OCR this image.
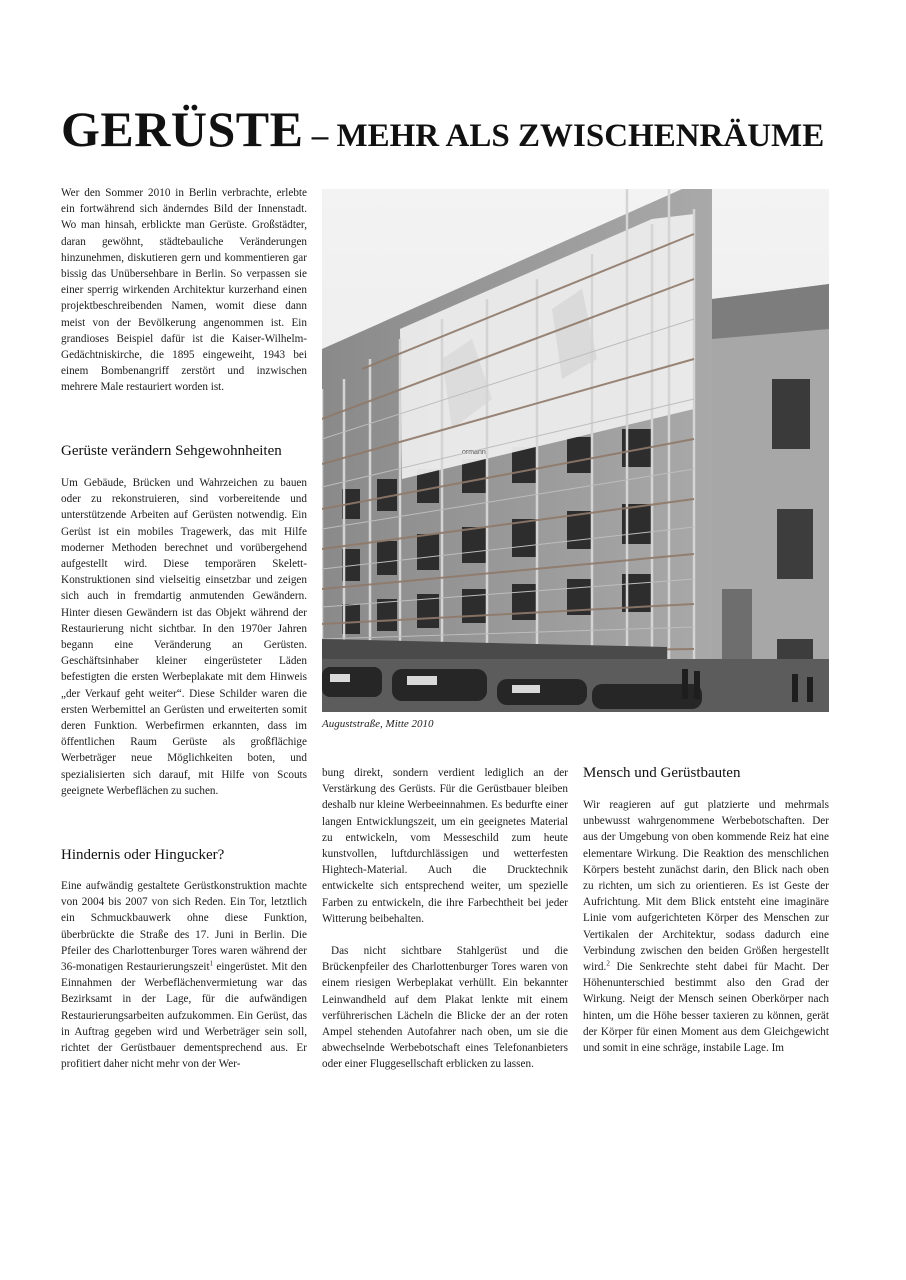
GERÜSTE – MEHR ALS ZWISCHENRÄUME

Wer den Sommer 2010 in Berlin verbrachte, erlebte ein fortwährend sich änderndes Bild der Innenstadt. Wo man hinsah, erblickte man Gerüste. Großstädter, daran gewöhnt, städtebauliche Veränderungen hinzunehmen, diskutieren gern und kommentieren gar bissig das Unübersehbare in Berlin. So verpassen sie einer sperrig wirkenden Architektur kurzerhand einen projektbeschreibenden Namen, womit diese dann meist von der Bevölkerung angenommen ist. Ein grandioses Beispiel dafür ist die Kaiser-Wilhelm-Gedächtniskirche, die 1895 eingeweiht, 1943 bei einem Bombenangriff zerstört und inzwischen mehrere Male restauriert worden ist.

Gerüste verändern Sehgewohnheiten

Um Gebäude, Brücken und Wahrzeichen zu bauen oder zu rekonstruieren, sind vorbereitende und unterstützende Arbeiten auf Gerüsten notwendig. Ein Gerüst ist ein mobiles Tragewerk, das mit Hilfe moderner Methoden berechnet und vorübergehend aufgestellt wird. Diese temporären Skelett-Konstruktionen sind vielseitig einsetzbar und zeigen sich auch in fremdartig anmutenden Gewändern. Hinter diesen Gewändern ist das Objekt während der Restaurierung nicht sichtbar. In den 1970er Jahren begann eine Veränderung an Gerüsten. Geschäftsinhaber kleiner eingerüsteter Läden befestigten die ersten Werbeplakate mit dem Hinweis „der Verkauf geht weiter“. Diese Schilder waren die ersten Werbemittel an Gerüsten und erweiterten somit deren Funktion. Werbefirmen erkannten, dass im öffentlichen Raum Gerüste als großflächige Werbeträger neue Möglichkeiten boten, und spezialisierten sich darauf, mit Hilfe von Scouts geeignete Werbeflächen zu suchen.

Hindernis oder Hingucker?

Eine aufwändig gestaltete Gerüstkonstruktion machte von 2004 bis 2007 von sich Reden. Ein Tor, letztlich ein Schmuckbauwerk ohne diese Funktion, überbrückte die Straße des 17. Juni in Berlin. Die Pfeiler des Charlottenburger Tores waren während der 36-monatigen Restaurierungszeit$^1$ eingerüstet. Mit den Einnahmen der Werbeflächenvermietung war das Bezirksamt in der Lage, für die aufwändigen Restaurierungsarbeiten aufzukommen. Ein Gerüst, das in Auftrag gegeben wird und Werbeträger sein soll, richtet der Gerüstbauer dementsprechend aus. Er profitiert daher nicht mehr von der Wer-

ormann

Auguststraße, Mitte 2010

bung direkt, sondern verdient lediglich an der Verstärkung des Gerüsts. Für die Gerüstbauer bleiben deshalb nur kleine Werbeeinnahmen. Es bedurfte einer langen Entwicklungszeit, um ein geeignetes Material zu entwickeln, vom Messeschild zum heute kunstvollen, luftdurchlässigen und wetterfesten Hightech-Material. Auch die Drucktechnik entwickelte sich entsprechend weiter, um spezielle Farben zu entwickeln, die ihre Farbechtheit bei jeder Witterung beibehalten.

Das nicht sichtbare Stahlgerüst und die Brückenpfeiler des Charlottenburger Tores waren von einem riesigen Werbeplakat verhüllt. Ein bekannter Leinwandheld auf dem Plakat lenkte mit einem verführerischen Lächeln die Blicke der an der roten Ampel stehenden Autofahrer nach oben, um sie die abwechselnde Werbebotschaft eines Telefonanbieters oder einer Fluggesellschaft erblicken zu lassen.

Mensch und Gerüstbauten

Wir reagieren auf gut platzierte und mehrmals unbewusst wahrgenommene Werbebotschaften. Der aus der Umgebung von oben kommende Reiz hat eine elementare Wirkung. Die Reaktion des menschlichen Körpers besteht zunächst darin, den Blick nach oben zu richten, um sich zu orientieren. Es ist Geste der Aufrichtung. Mit dem Blick entsteht eine imaginäre Linie vom aufgerichteten Körper des Menschen zur Vertikalen der Architektur, sodass dadurch eine Verbindung zwischen den beiden Größen hergestellt wird.$^2$ Die Senkrechte steht dabei für Macht. Der Höhenunterschied bestimmt also den Grad der Wirkung. Neigt der Mensch seinen Oberkörper nach hinten, um die Höhe besser taxieren zu können, gerät der Körper für einen Moment aus dem Gleichgewicht und somit in eine schräge, instabile Lage. Im
